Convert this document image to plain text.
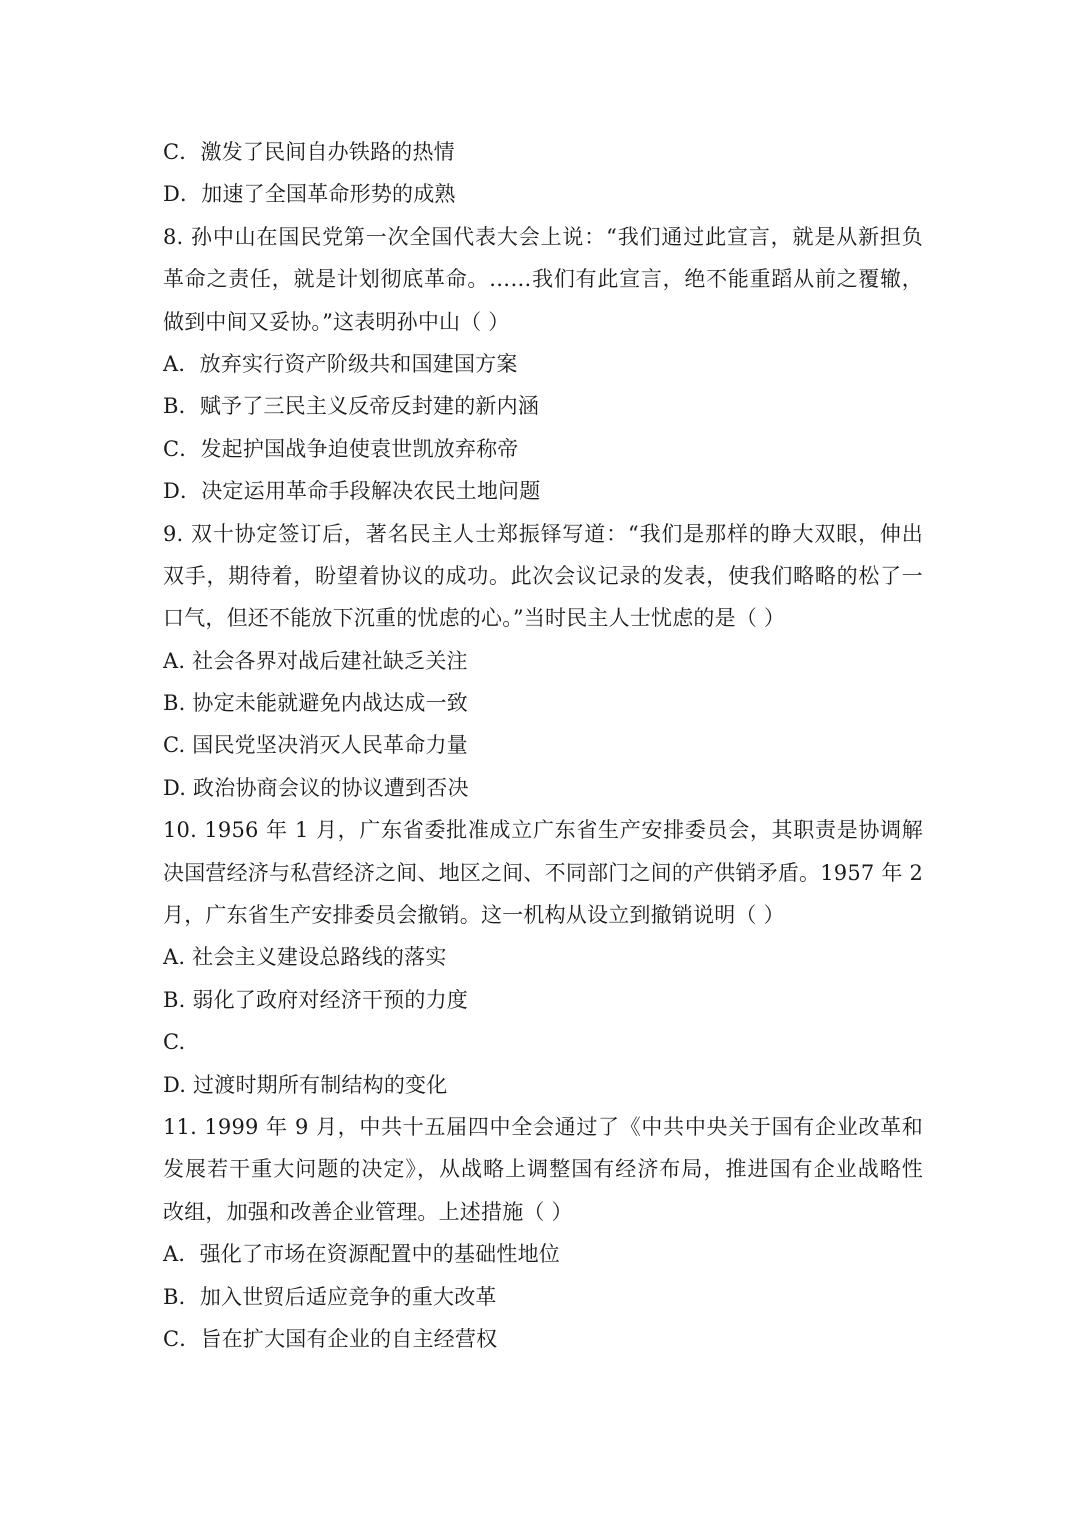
C．激发了民间自办铁路的热情
D．加速了全国革命形势的成熟
8. 孙中山在国民党第一次全国代表大会上说：“我们通过此宣言，就是从新担负
革命之责任，就是计划彻底革命。……我们有此宣言，绝不能重蹈从前之覆辙，
做到中间又妥协。”这表明孙中山（ ）
A．放弃实行资产阶级共和国建国方案
B．赋予了三民主义反帝反封建的新内涵
C．发起护国战争迫使袁世凯放弃称帝
D．决定运用革命手段解决农民土地问题
9. 双十协定签订后，著名民主人士郑振铎写道：“我们是那样的睁大双眼，伸出
双手，期待着，盼望着协议的成功。此次会议记录的发表，使我们略略的松了一
口气，但还不能放下沉重的忧虑的心。”当时民主人士忧虑的是（ ）
A. 社会各界对战后建社缺乏关注
B. 协定未能就避免内战达成一致
C. 国民党坚决消灭人民革命力量
D. 政治协商会议的协议遭到否决
10. 1956 年 1 月，广东省委批准成立广东省生产安排委员会，其职责是协调解
决国营经济与私营经济之间、地区之间、不同部门之间的产供销矛盾。1957 年 2
月，广东省生产安排委员会撤销。这一机构从设立到撤销说明（ ）
A. 社会主义建设总路线的落实
B. 弱化了政府对经济干预的力度
C.
D. 过渡时期所有制结构的变化
11. 1999 年 9 月，中共十五届四中全会通过了《中共中央关于国有企业改革和
发展若干重大问题的决定》，从战略上调整国有经济布局，推进国有企业战略性
改组，加强和改善企业管理。上述措施（ ）
A．强化了市场在资源配置中的基础性地位
B．加入世贸后适应竞争的重大改革
C．旨在扩大国有企业的自主经营权
